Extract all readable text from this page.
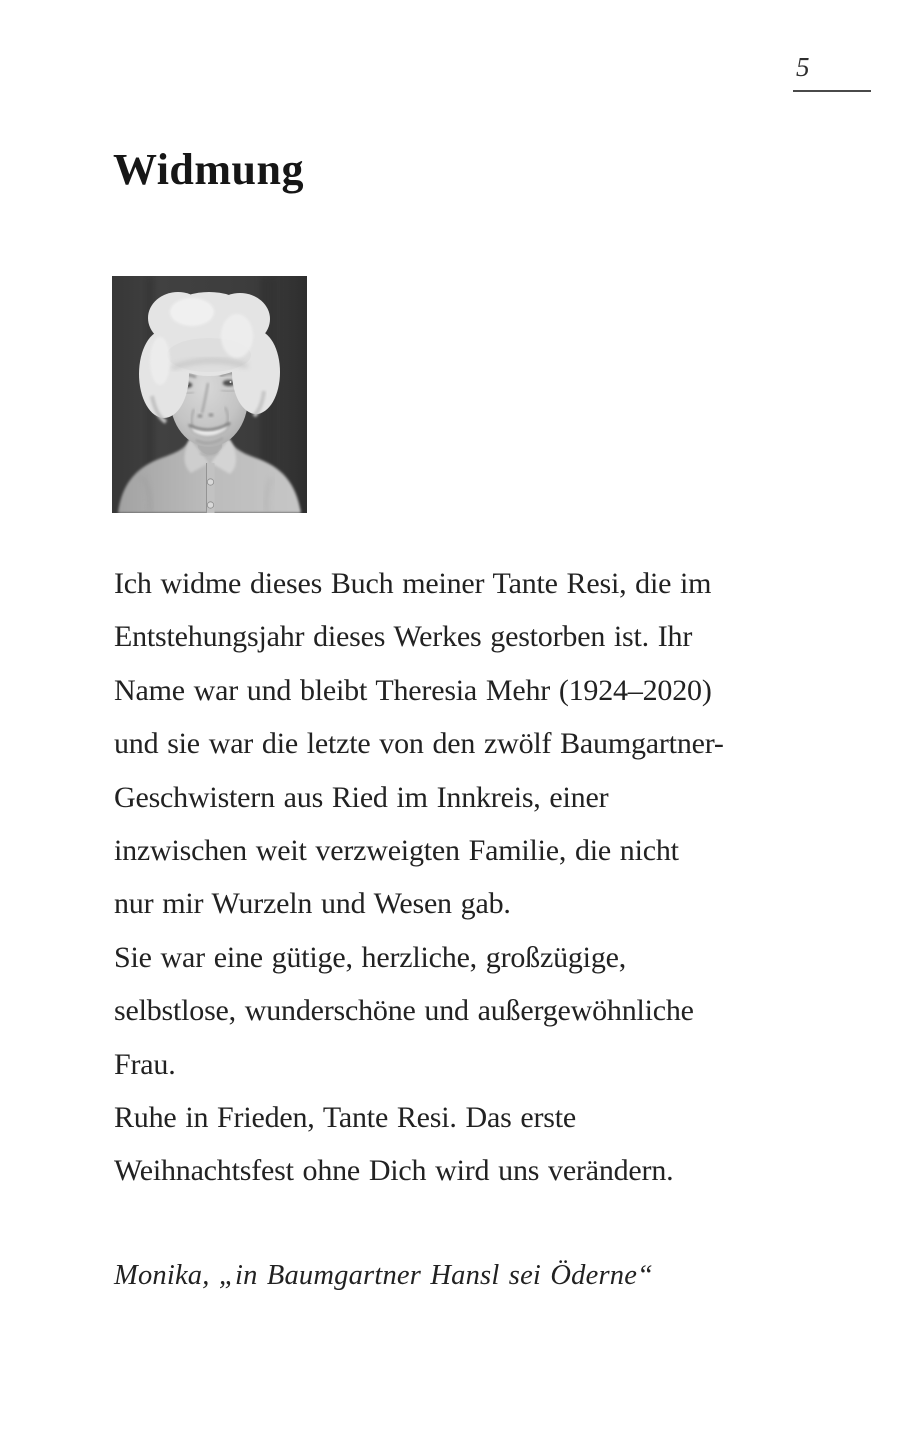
5
Widmung

Ich widme dieses Buch meiner Tante Resi, die im

Entstehungsjahr dieses Werkes gestorben ist. Ihr

Name war und bleibt Theresia Mehr (1924–2020)

und sie war die letzte von den zwölf Baumgartner-

Geschwistern aus Ried im Innkreis, einer

inzwischen weit verzweigten Familie, die nicht

nur mir Wurzeln und Wesen gab.

Sie war eine gütige, herzliche, großzügige,

selbstlose, wunderschöne und außergewöhnliche

Frau.

Ruhe in Frieden, Tante Resi. Das erste

Weihnachtsfest ohne Dich wird uns verändern.

Monika, „in Baumgartner Hansl sei Öderne“
